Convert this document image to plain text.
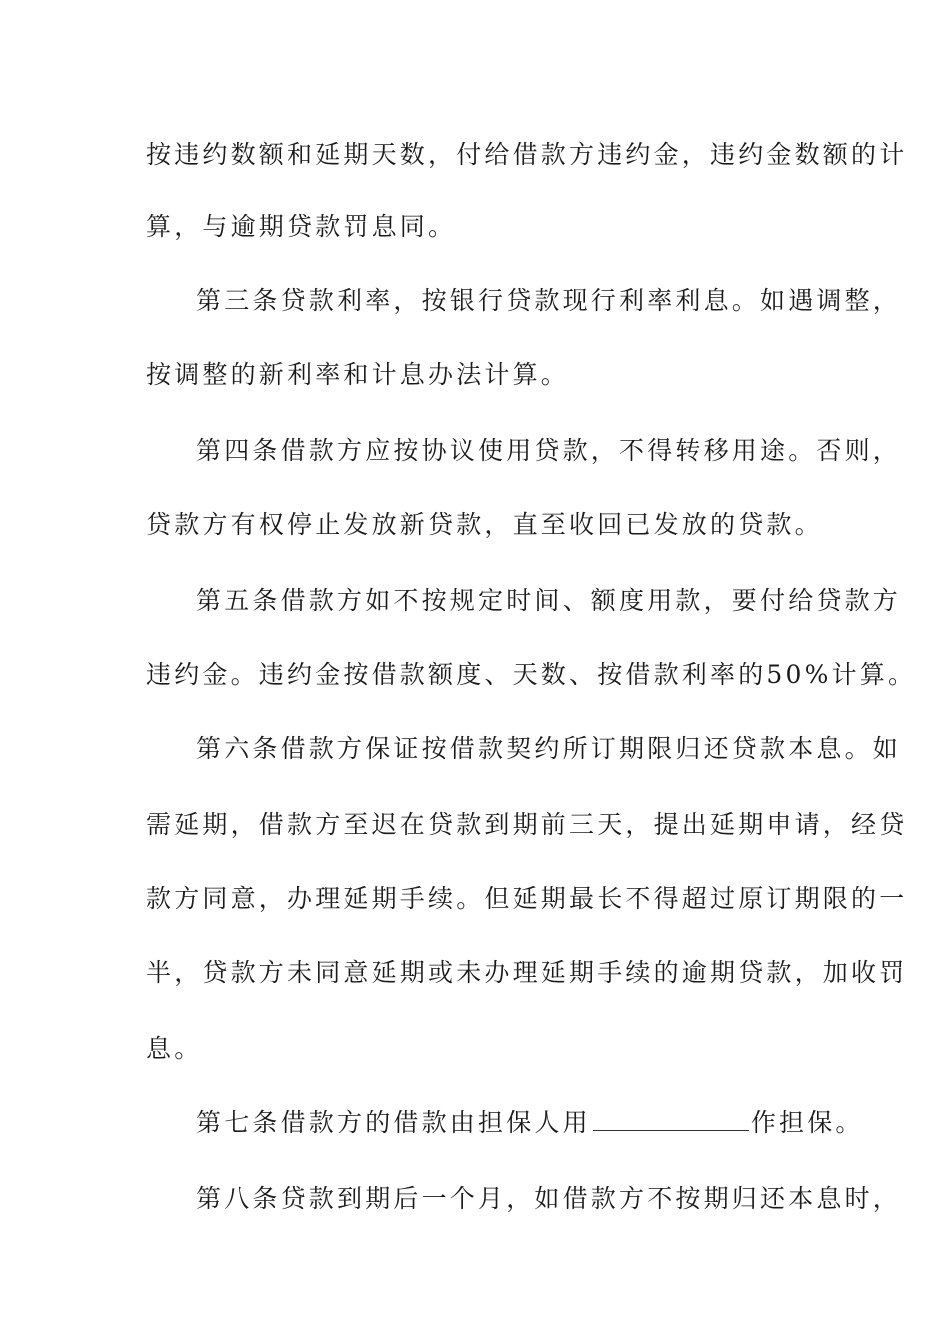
按违约数额和延期天数，付给借款方违约金，违约金数额的计
算，与逾期贷款罚息同。
第三条贷款利率，按银行贷款现行利率利息。如遇调整，
按调整的新利率和计息办法计算。
第四条借款方应按协议使用贷款，不得转移用途。否则，
贷款方有权停止发放新贷款，直至收回已发放的贷款。
第五条借款方如不按规定时间、额度用款，要付给贷款方
违约金。违约金按借款额度、天数、按借款利率的50%计算。
第六条借款方保证按借款契约所订期限归还贷款本息。如
需延期，借款方至迟在贷款到期前三天，提出延期申请，经贷
款方同意，办理延期手续。但延期最长不得超过原订期限的一
半，贷款方未同意延期或未办理延期手续的逾期贷款，加收罚
息。
第七条借款方的借款由担保人用	作担保。
第八条贷款到期后一个月，如借款方不按期归还本息时，
